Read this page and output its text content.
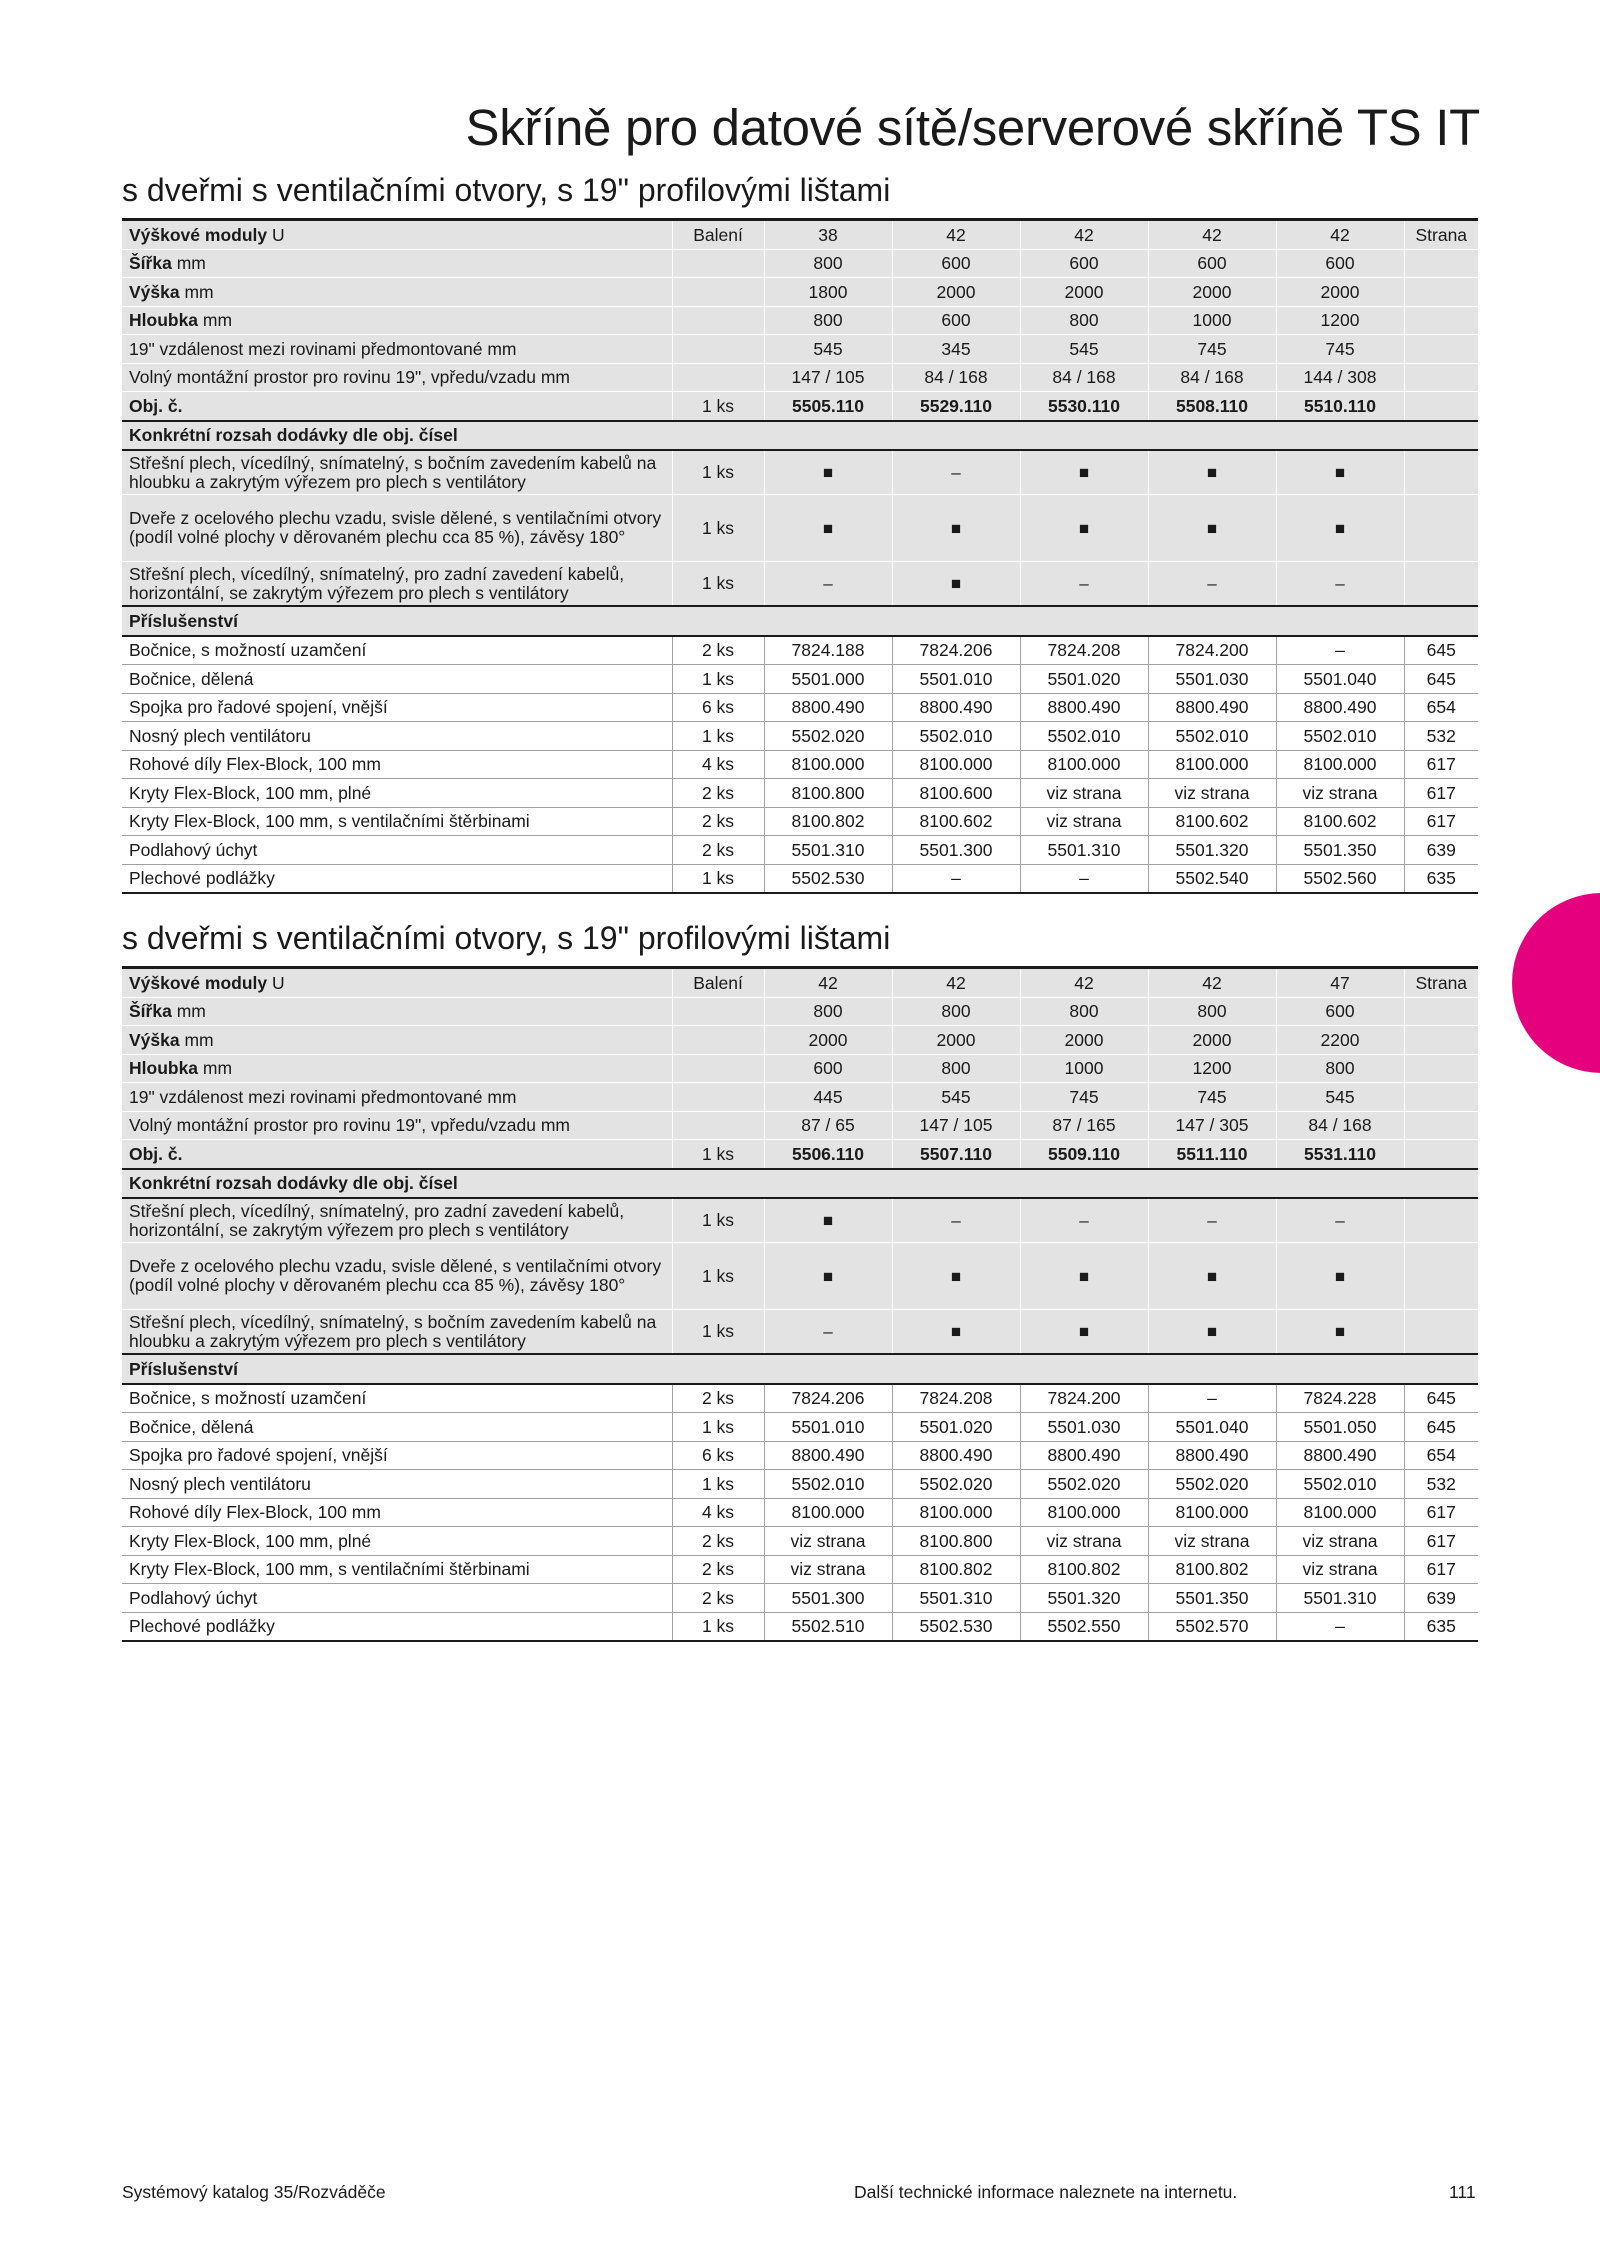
Skříně pro datové sítě/serverové skříně TS IT
s dveřmi s ventilačními otvory, s 19" profilovými lištami
Výškové moduly U	Balení	38	42	42	42	42	Strana
Šířka mm		800	600	600	600	600	
Výška mm		1800	2000	2000	2000	2000	
Hloubka mm		800	600	800	1000	1200	
19" vzdálenost mezi rovinami předmontované mm		545	345	545	745	745	
Volný montážní prostor pro rovinu 19", vpředu/vzadu mm		147 / 105	84 / 168	84 / 168	84 / 168	144 / 308	
Obj. č.	1 ks	5505.110	5529.110	5530.110	5508.110	5510.110	
Konkrétní rozsah dodávky dle obj. čísel							
Střešní plech, vícedílný, snímatelný, s bočním zavedením kabelů na hloubku a zakrytým výřezem pro plech s ventilátory	1 ks	■	–	■	■	■	
Dveře z ocelového plechu vzadu, svisle dělené, s ventilačními otvory (podíl volné plochy v děrovaném plechu cca 85 %), závěsy 180°	1 ks	■	■	■	■	■	
Střešní plech, vícedílný, snímatelný, pro zadní zavedení kabelů, horizontální, se zakrytým výřezem pro plech s ventilátory	1 ks	–	■	–	–	–	
Příslušenství							
Bočnice, s možností uzamčení	2 ks	7824.188	7824.206	7824.208	7824.200	–	645
Bočnice, dělená	1 ks	5501.000	5501.010	5501.020	5501.030	5501.040	645
Spojka pro řadové spojení, vnější	6 ks	8800.490	8800.490	8800.490	8800.490	8800.490	654
Nosný plech ventilátoru	1 ks	5502.020	5502.010	5502.010	5502.010	5502.010	532
Rohové díly Flex-Block, 100 mm	4 ks	8100.000	8100.000	8100.000	8100.000	8100.000	617
Kryty Flex-Block, 100 mm, plné	2 ks	8100.800	8100.600	viz strana	viz strana	viz strana	617
Kryty Flex-Block, 100 mm, s ventilačními štěrbinami	2 ks	8100.802	8100.602	viz strana	8100.602	8100.602	617
Podlahový úchyt	2 ks	5501.310	5501.300	5501.310	5501.320	5501.350	639
Plechové podlážky	1 ks	5502.530	–	–	5502.540	5502.560	635
s dveřmi s ventilačními otvory, s 19" profilovými lištami
Výškové moduly U	Balení	42	42	42	42	47	Strana
Šířka mm		800	800	800	800	600	
Výška mm		2000	2000	2000	2000	2200	
Hloubka mm		600	800	1000	1200	800	
19" vzdálenost mezi rovinami předmontované mm		445	545	745	745	545	
Volný montážní prostor pro rovinu 19", vpředu/vzadu mm		87 / 65	147 / 105	87 / 165	147 / 305	84 / 168	
Obj. č.	1 ks	5506.110	5507.110	5509.110	5511.110	5531.110	
Konkrétní rozsah dodávky dle obj. čísel							
Střešní plech, vícedílný, snímatelný, pro zadní zavedení kabelů, horizontální, se zakrytým výřezem pro plech s ventilátory	1 ks	■	–	–	–	–	
Dveře z ocelového plechu vzadu, svisle dělené, s ventilačními otvory (podíl volné plochy v děrovaném plechu cca 85 %), závěsy 180°	1 ks	■	■	■	■	■	
Střešní plech, vícedílný, snímatelný, s bočním zavedením kabelů na hloubku a zakrytým výřezem pro plech s ventilátory	1 ks	–	■	■	■	■	
Příslušenství							
Bočnice, s možností uzamčení	2 ks	7824.206	7824.208	7824.200	–	7824.228	645
Bočnice, dělená	1 ks	5501.010	5501.020	5501.030	5501.040	5501.050	645
Spojka pro řadové spojení, vnější	6 ks	8800.490	8800.490	8800.490	8800.490	8800.490	654
Nosný plech ventilátoru	1 ks	5502.010	5502.020	5502.020	5502.020	5502.010	532
Rohové díly Flex-Block, 100 mm	4 ks	8100.000	8100.000	8100.000	8100.000	8100.000	617
Kryty Flex-Block, 100 mm, plné	2 ks	viz strana	8100.800	viz strana	viz strana	viz strana	617
Kryty Flex-Block, 100 mm, s ventilačními štěrbinami	2 ks	viz strana	8100.802	8100.802	8100.802	viz strana	617
Podlahový úchyt	2 ks	5501.300	5501.310	5501.320	5501.350	5501.310	639
Plechové podlážky	1 ks	5502.510	5502.530	5502.550	5502.570	–	635
Systémový katalog 35/Rozváděče	Další technické informace naleznete na internetu.	111
